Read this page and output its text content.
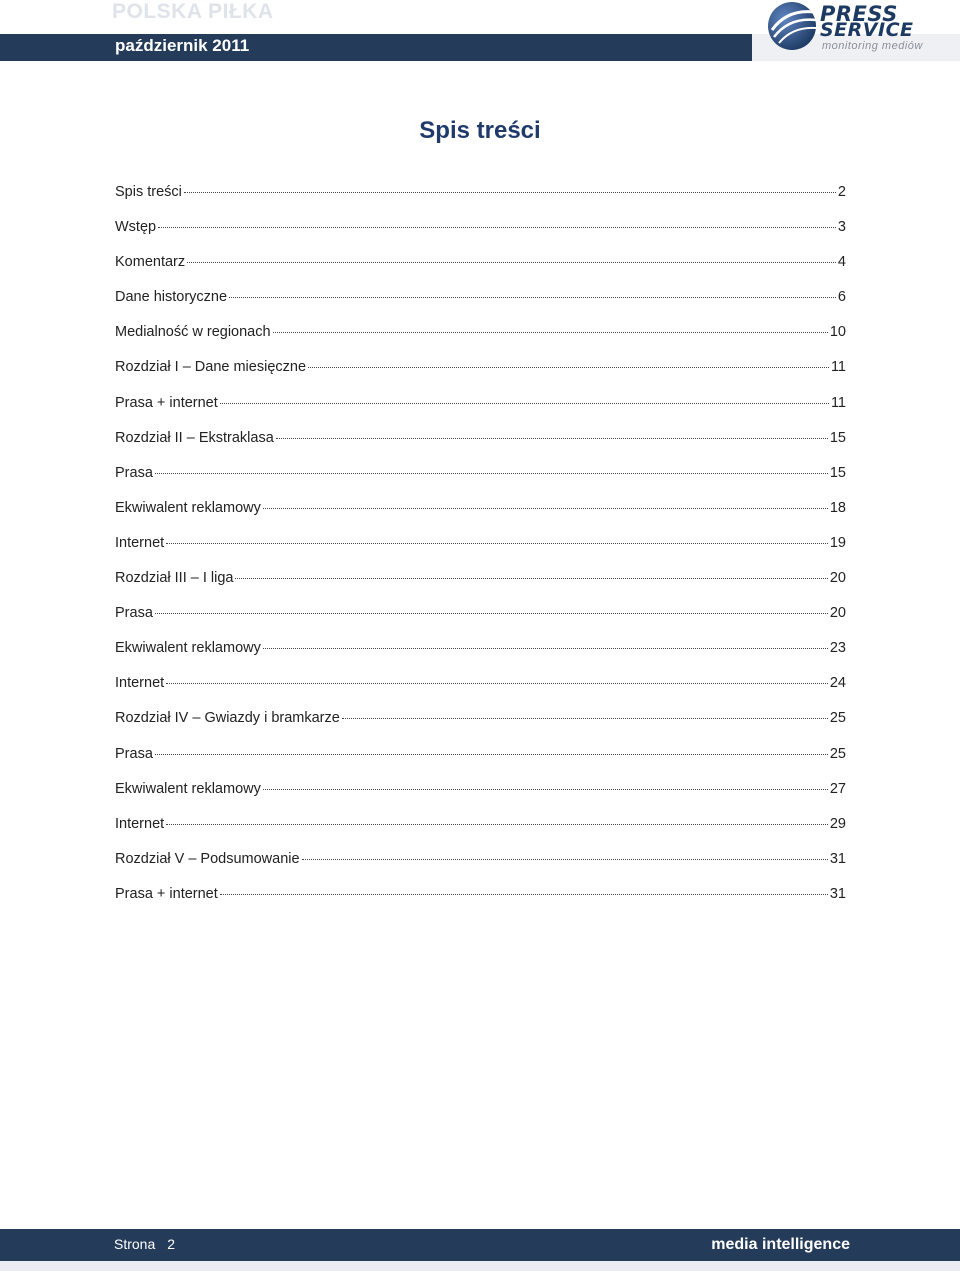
POLSKA PIŁKA
październik 2011
PRESS
SERVICE
monitoring mediów
Spis treści
Spis treści	2
Wstęp	3
Komentarz	4
Dane historyczne	6
Medialność w regionach	10
Rozdział I – Dane miesięczne	11
Prasa + internet	11
Rozdział II – Ekstraklasa	15
Prasa	15
Ekwiwalent reklamowy	18
Internet	19
Rozdział III – I liga	20
Prasa	20
Ekwiwalent reklamowy	23
Internet	24
Rozdział IV – Gwiazdy i bramkarze	25
Prasa	25
Ekwiwalent reklamowy	27
Internet	29
Rozdział V – Podsumowanie	31
Prasa + internet	31
Strona 2	media intelligence
